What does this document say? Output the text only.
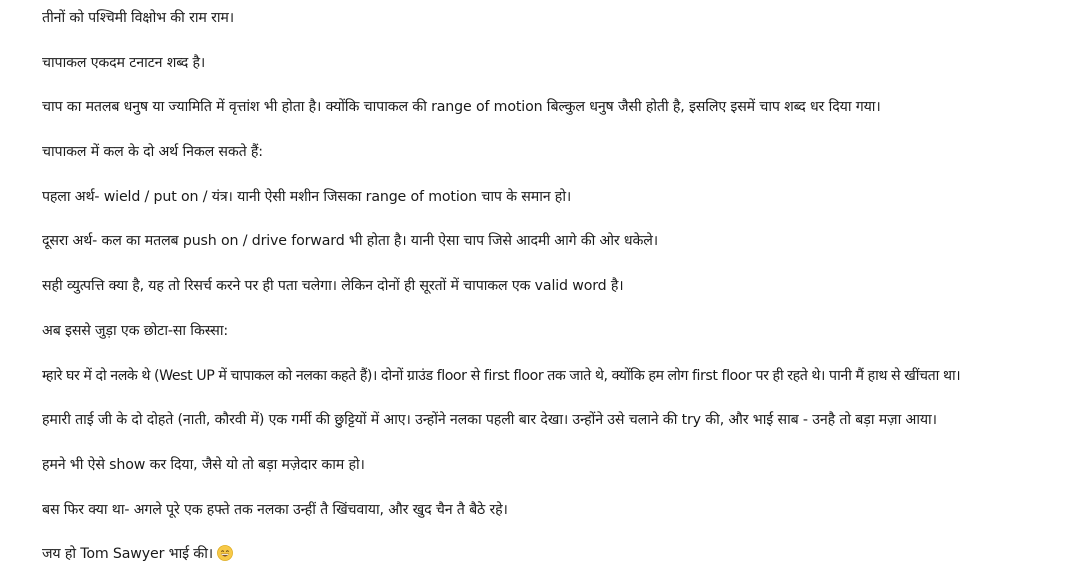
तीनों को पश्चिमी विक्षोभ की राम राम।

चापाकल एकदम टनाटन शब्द है।

चाप का मतलब धनुष या ज्यामिति में वृत्तांश भी होता है। क्योंकि चापाकल की range of motion बिल्कुल धनुष जैसी होती है, इसलिए इसमें चाप शब्द धर दिया गया।

चापाकल में कल के दो अर्थ निकल सकते हैं:

पहला अर्थ- wield / put on / यंत्र। यानी ऐसी मशीन जिसका range of motion चाप के समान हो।

दूसरा अर्थ- कल का मतलब push on / drive forward भी होता है। यानी ऐसा चाप जिसे आदमी आगे की ओर धकेले।

सही व्युत्पत्ति क्या है, यह तो रिसर्च करने पर ही पता चलेगा। लेकिन दोनों ही सूरतों में चापाकल एक valid word है।

अब इससे जुड़ा एक छोटा-सा किस्सा:

म्हारे घर में दो नलके थे (West UP में चापाकल को नलका कहते हैं)। दोनों ग्राउंड floor से first floor तक जाते थे, क्योंकि हम लोग first floor पर ही रहते थे। पानी मैं हाथ से खींचता था।

हमारी ताई जी के दो दोहते (नाती, कौरवी में) एक गर्मी की छुट्टियों में आए। उन्होंने नलका पहली बार देखा। उन्होंने उसे चलाने की try की, और भाई साब - उनहै तो बड़ा मज़ा आया।

हमने भी ऐसे show कर दिया, जैसे यो तो बड़ा मज़ेदार काम हो।

बस फिर क्या था- अगले पूरे एक हफ्ते तक नलका उन्हीं तै खिंचवाया, और खुद चैन तै बैठे रहे।

जय हो Tom Sawyer भाई की।
